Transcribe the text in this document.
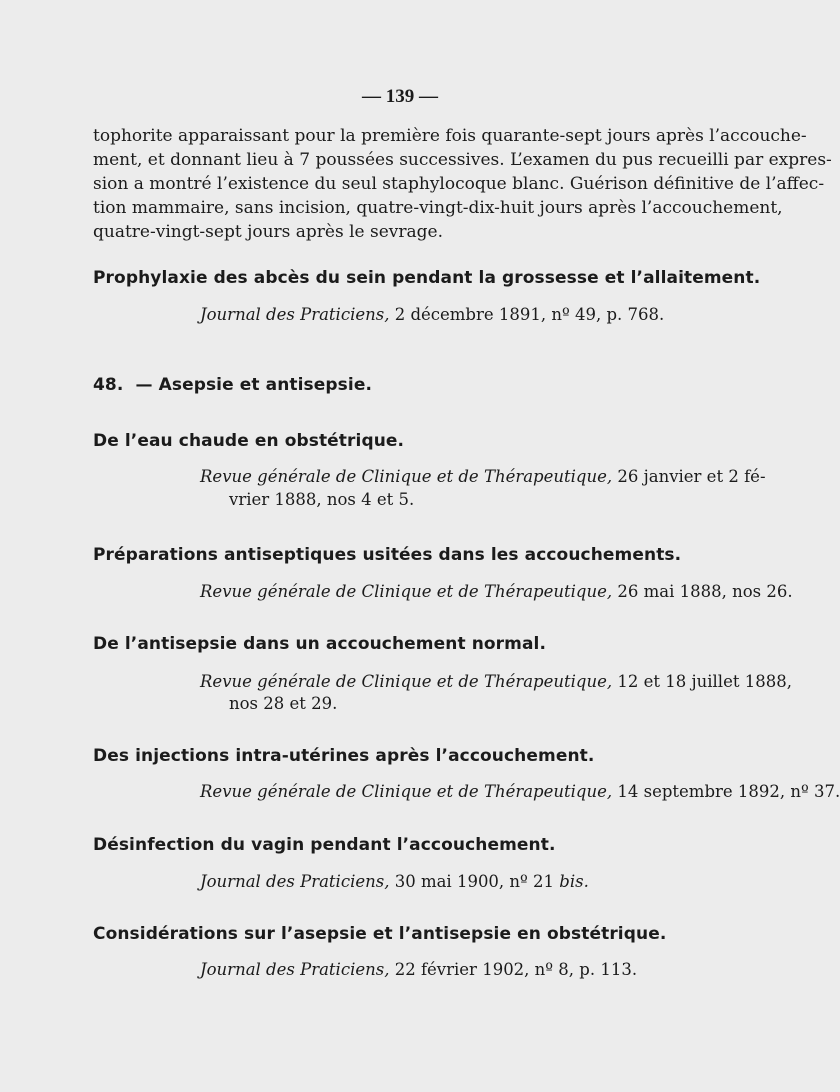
— 139 —
tophorite apparaissant pour la première fois quarante-sept jours après l’accouche-
ment, et donnant lieu à 7 poussées successives. L’examen du pus recueilli par expres-
sion a montré l’existence du seul staphylocoque blanc. Guérison définitive de l’affec-
tion mammaire, sans incision, quatre-vingt-dix-huit jours après l’accouchement,
quatre-vingt-sept jours après le sevrage.
Prophylaxie des abcès du sein pendant la grossesse et l’allaitement.
Journal des Praticiens, 2 décembre 1891, nº 49, p. 768.
48. — Asepsie et antisepsie.
De l’eau chaude en obstétrique.
Revue générale de Clinique et de Thérapeutique, 26 janvier et 2 fé-
vrier 1888, nos 4 et 5.
Préparations antiseptiques usitées dans les accouchements.
Revue générale de Clinique et de Thérapeutique, 26 mai 1888, nos 26.
De l’antisepsie dans un accouchement normal.
Revue générale de Clinique et de Thérapeutique, 12 et 18 juillet 1888,
nos 28 et 29.
Des injections intra-utérines après l’accouchement.
Revue générale de Clinique et de Thérapeutique, 14 septembre 1892, nº 37.
Désinfection du vagin pendant l’accouchement.
Journal des Praticiens, 30 mai 1900, nº 21 bis.
Considérations sur l’asepsie et l’antisepsie en obstétrique.
Journal des Praticiens, 22 février 1902, nº 8, p. 113.
